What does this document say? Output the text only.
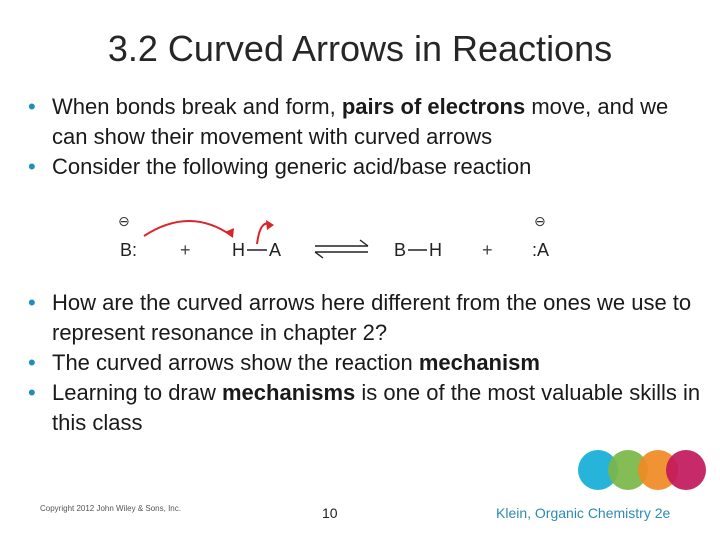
3.2 Curved Arrows in Reactions
• When bonds break and form, pairs of electrons move, and we can show their movement with curved arrows
• Consider the following generic acid/base reaction
⊖
B: + H A	B H +
⊖
:A
• How are the curved arrows here different from the ones we use to represent resonance in chapter 2?
• The curved arrows show the reaction mechanism
• Learning to draw mechanisms is one of the most valuable skills in this class
Copyright 2012 John Wiley & Sons, Inc.	10	Klein, Organic Chemistry 2e
